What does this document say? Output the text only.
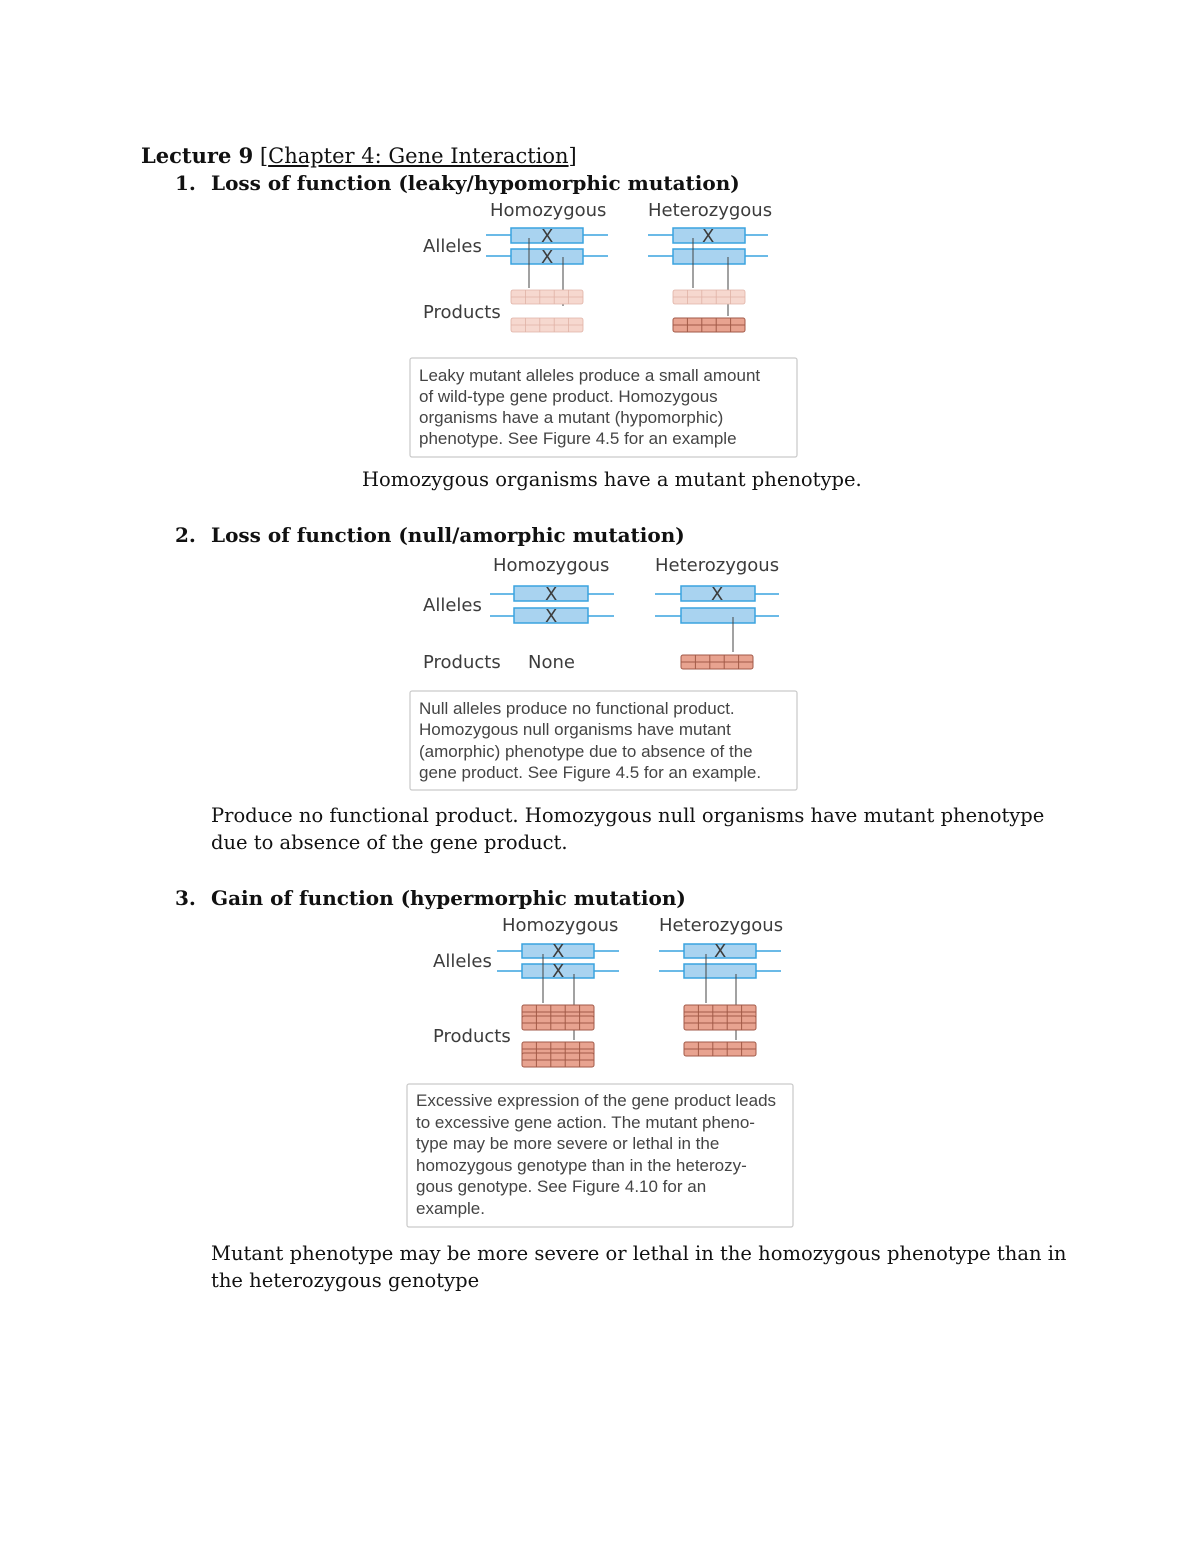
Lecture 9 [Chapter 4: Gene Interaction]
1. Loss of function (leaky/hypomorphic mutation)
2. Loss of function (null/amorphic mutation)
3. Gain of function (hypermorphic mutation)
Homozygous organisms have a mutant phenotype.
Produce no functional product. Homozygous null organisms have mutant phenotype due to absence of the gene product.
Mutant phenotype may be more severe or lethal in the homozygous phenotype than in the heterozygous genotype
Homozygous Heterozygous
Alleles
Products
X
X
X
Leaky mutant alleles produce a small amount
of wild-type gene product. Homozygous
organisms have a mutant (hypomorphic)
phenotype. See Figure 4.5 for an example
Homozygous	Heterozygous
Alleles
Products None
X
X
X
Null alleles produce no functional product.
Homozygous null organisms have mutant
(amorphic) phenotype due to absence of the
gene product. See Figure 4.5 for an example.
Homozygous Heterozygous
Alleles
Products
X
X
X
Excessive expression of the gene product leads
to excessive gene action. The mutant pheno-
type may be more severe or lethal in the
homozygous genotype than in the heterozy-
gous genotype. See Figure 4.10 for an
example.
